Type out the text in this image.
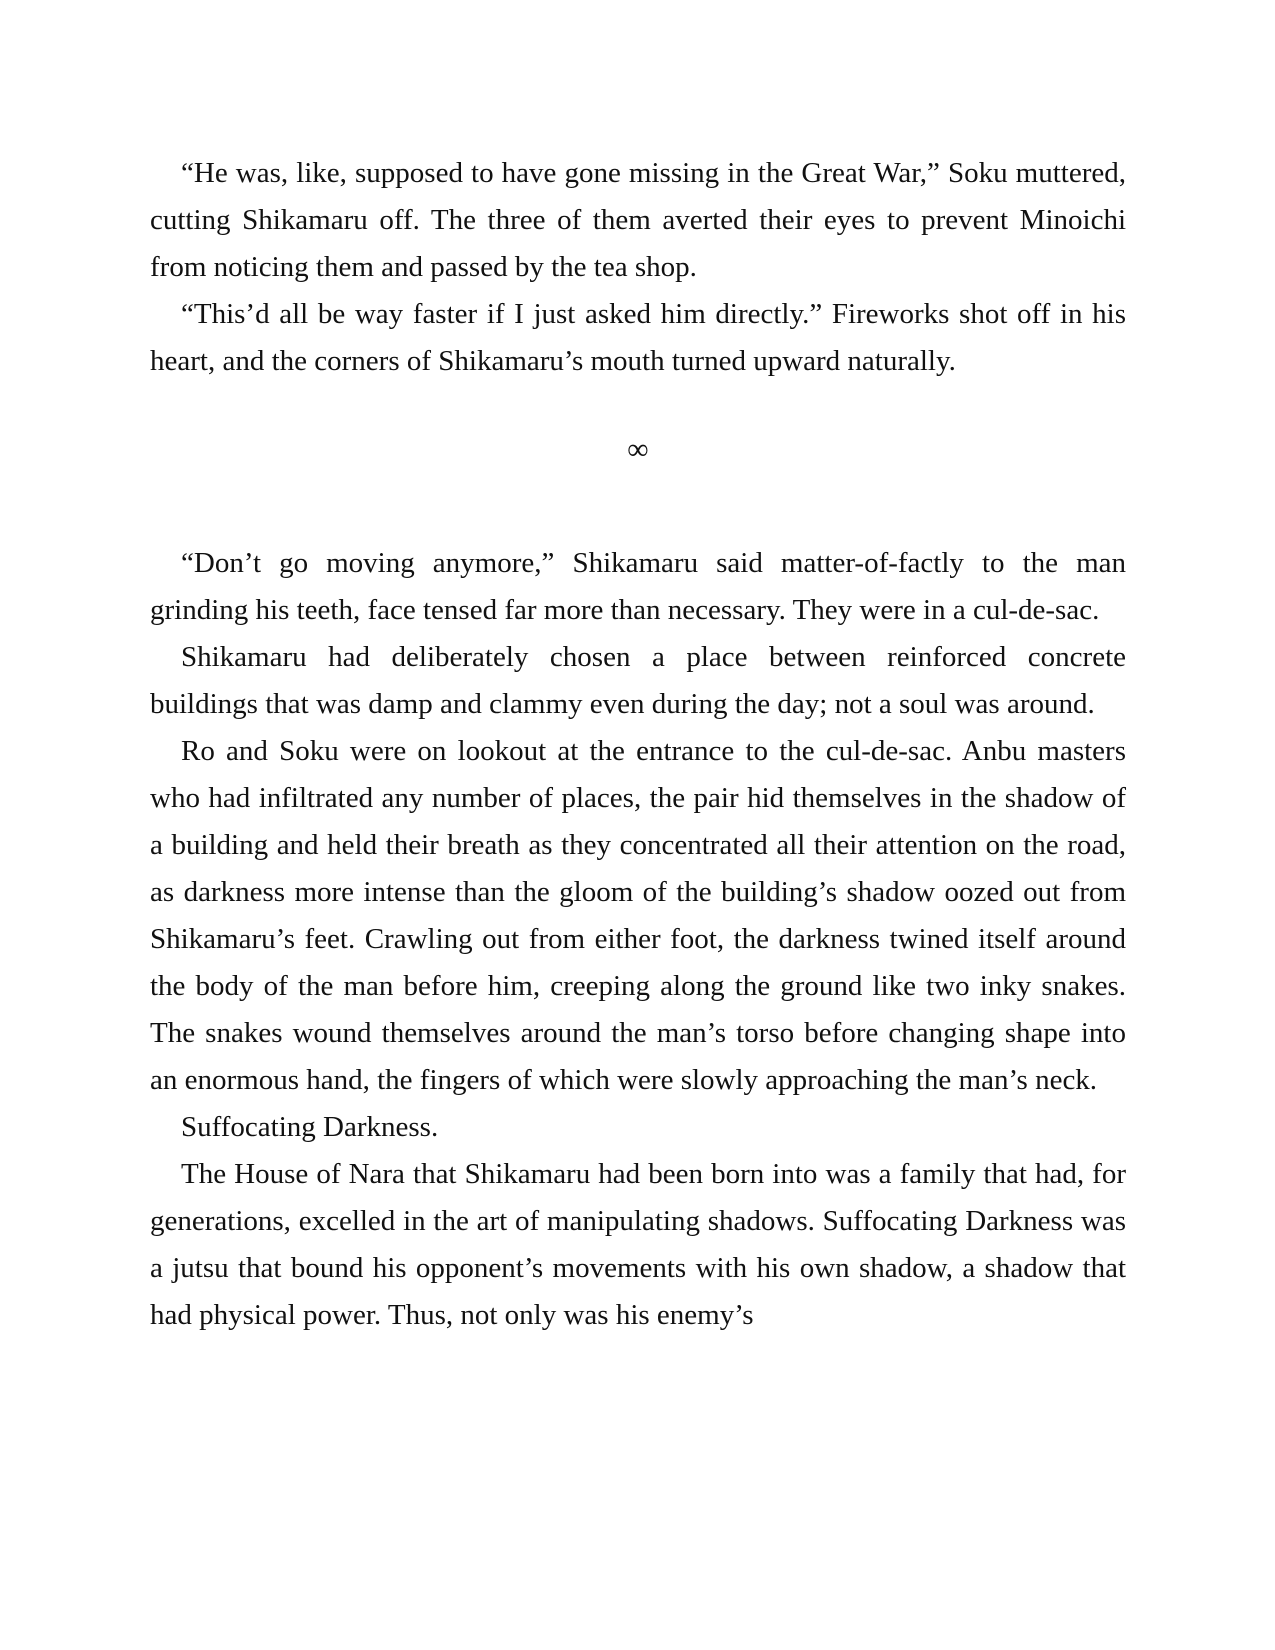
“He was, like, supposed to have gone missing in the Great War,” Soku muttered, cutting Shikamaru off. The three of them averted their eyes to prevent Minoichi from noticing them and passed by the tea shop.

“This’d all be way faster if I just asked him directly.” Fireworks shot off in his heart, and the corners of Shikamaru’s mouth turned upward naturally.

∞

“Don’t go moving anymore,” Shikamaru said matter-of-factly to the man grinding his teeth, face tensed far more than necessary. They were in a cul-de-sac.

Shikamaru had deliberately chosen a place between reinforced concrete buildings that was damp and clammy even during the day; not a soul was around.

Ro and Soku were on lookout at the entrance to the cul-de-sac. Anbu masters who had infiltrated any number of places, the pair hid themselves in the shadow of a building and held their breath as they concentrated all their attention on the road, as darkness more intense than the gloom of the building’s shadow oozed out from Shikamaru’s feet. Crawling out from either foot, the darkness twined itself around the body of the man before him, creeping along the ground like two inky snakes. The snakes wound themselves around the man’s torso before changing shape into an enormous hand, the fingers of which were slowly approaching the man’s neck.

Suffocating Darkness.

The House of Nara that Shikamaru had been born into was a family that had, for generations, excelled in the art of manipulating shadows. Suffocating Darkness was a jutsu that bound his opponent’s movements with his own shadow, a shadow that had physical power. Thus, not only was his enemy’s
